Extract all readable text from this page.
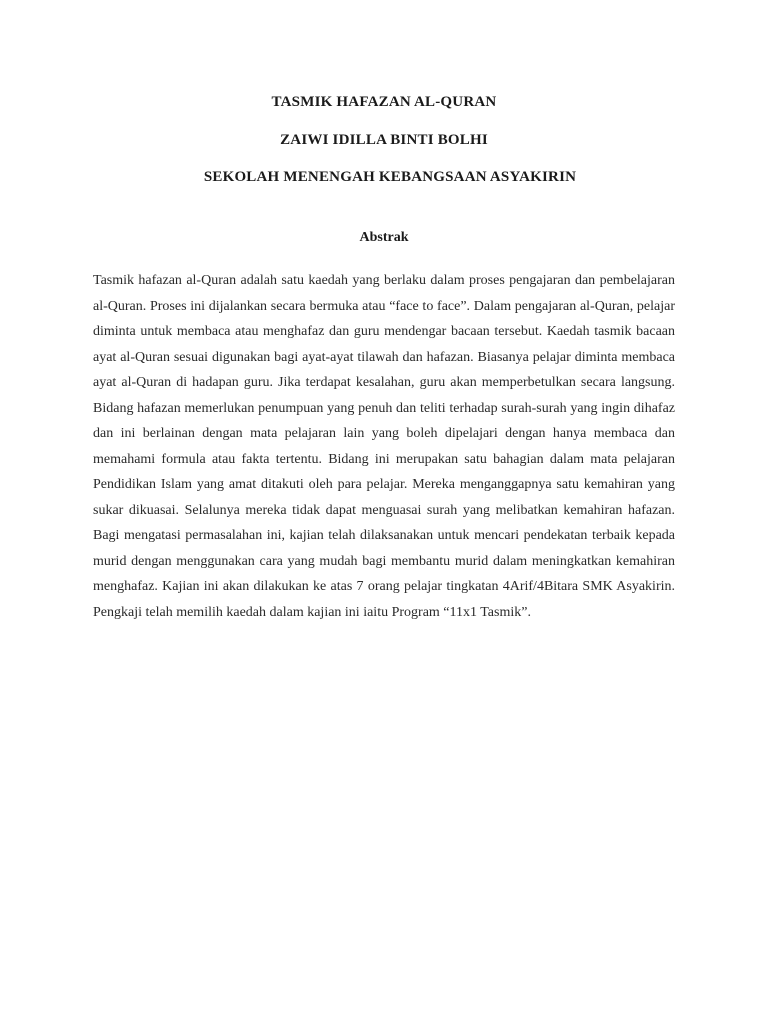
TASMIK HAFAZAN AL-QURAN
ZAIWI IDILLA BINTI BOLHI
SEKOLAH MENENGAH KEBANGSAAN ASYAKIRIN
Abstrak

Tasmik hafazan al-Quran adalah satu kaedah yang berlaku dalam proses pengajaran dan pembelajaran al-Quran. Proses ini dijalankan secara bermuka atau “face to face”. Dalam pengajaran al-Quran, pelajar diminta untuk membaca atau menghafaz dan guru mendengar bacaan tersebut. Kaedah tasmik bacaan ayat al-Quran sesuai digunakan bagi ayat-ayat tilawah dan hafazan. Biasanya pelajar diminta membaca ayat al-Quran di hadapan guru. Jika terdapat kesalahan, guru akan memperbetulkan secara langsung. Bidang hafazan memerlukan penumpuan yang penuh dan teliti terhadap surah-surah yang ingin dihafaz dan ini berlainan dengan mata pelajaran lain yang boleh dipelajari dengan hanya membaca dan memahami formula atau fakta tertentu. Bidang ini merupakan satu bahagian dalam mata pelajaran Pendidikan Islam yang amat ditakuti oleh para pelajar. Mereka menganggapnya satu kemahiran yang sukar dikuasai. Selalunya mereka tidak dapat menguasai surah yang melibatkan kemahiran hafazan. Bagi mengatasi permasalahan ini, kajian telah dilaksanakan untuk mencari pendekatan terbaik kepada murid dengan menggunakan cara yang mudah bagi membantu murid dalam meningkatkan kemahiran menghafaz. Kajian ini akan dilakukan ke atas 7 orang pelajar tingkatan 4Arif/4Bitara SMK Asyakirin. Pengkaji telah memilih kaedah dalam kajian ini iaitu Program “11x1 Tasmik”.
